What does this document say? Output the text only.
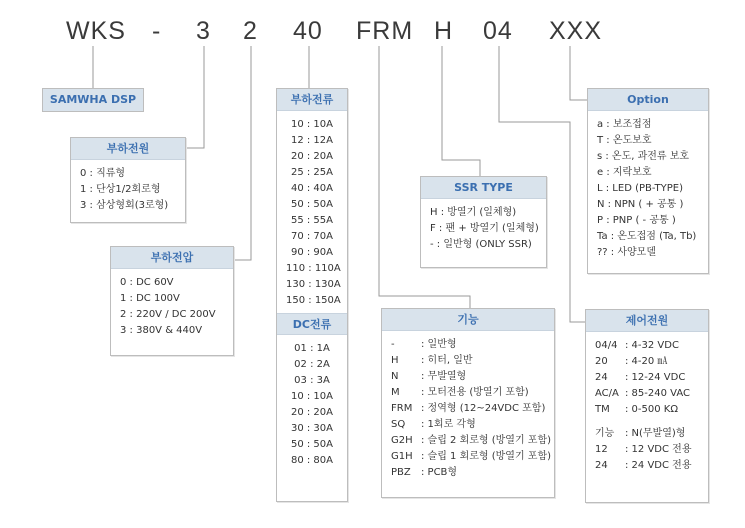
WKS - 3 2 40 FRM H 04 XXX
SAMWHA DSP
부하전원
0 : 직류형
1 : 단상1/2회로형
3 : 삼상형회(3로형)
부하전압
0 : DC 60V
1 : DC 100V
2 : 220V / DC 200V
3 : 380V & 440V
부하전류
10 : 10A
12 : 12A
20 : 20A
25 : 25A
40 : 40A
50 : 50A
55 : 55A
70 : 70A
90 : 90A
110 : 110A
130 : 130A
150 : 150A
DC전류
01 : 1A
02 : 2A
03 : 3A
10 : 10A
20 : 20A
30 : 30A
50 : 50A
80 : 80A
SSR TYPE
H : 방열기 (일체형)
F : 팬 + 방열기 (일체형)
- : 일반형 (ONLY SSR)
기능
-	: 일반형
H : 히터, 일반
N : 무발열형
M : 모터전용 (방열기 포함)
FRM : 정역형 (12~24VDC 포함)
SQ : 1회로 각형
G2H : 슬립 2 회로형 (방열기 포함)
G1H : 슬립 1 회로형 (방열기 포함)
PBZ : PCB형
Option
a : 보조접점
T : 온도보호
s : 온도, 과전류 보호
e : 지락보호
L : LED (PB-TYPE)
N : NPN ( + 공통 )
P : PNP ( - 공통 )
Ta : 온도접점 (Ta, Tb)
?? : 사양모델
제어전원
04/4 : 4-32 VDC
20 : 4-20 ㎃
24 : 12-24 VDC
AC/A : 85-240 VAC
TM : 0-500 KΩ
기능 : N(무발열)형
12 : 12 VDC 전용
24 : 24 VDC 전용
